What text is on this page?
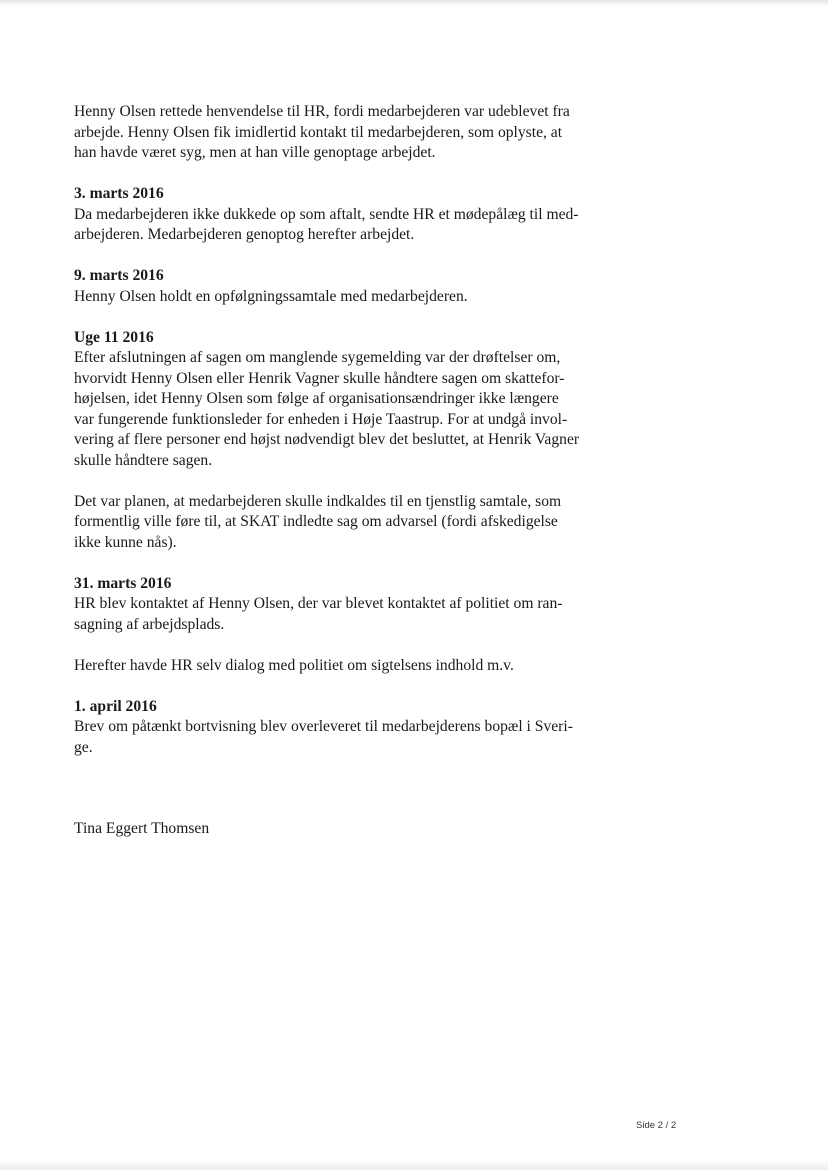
Henny Olsen rettede henvendelse til HR, fordi medarbejderen var udeblevet fra

arbejde. Henny Olsen fik imidlertid kontakt til medarbejderen, som oplyste, at

han havde været syg, men at han ville genoptage arbejdet.

3. marts 2016

Da medarbejderen ikke dukkede op som aftalt, sendte HR et mødepålæg til med-

arbejderen. Medarbejderen genoptog herefter arbejdet.

9. marts 2016

Henny Olsen holdt en opfølgningssamtale med medarbejderen.

Uge 11 2016

Efter afslutningen af sagen om manglende sygemelding var der drøftelser om,

hvorvidt Henny Olsen eller Henrik Vagner skulle håndtere sagen om skattefor-

højelsen, idet Henny Olsen som følge af organisationsændringer ikke længere

var fungerende funktionsleder for enheden i Høje Taastrup. For at undgå invol-

vering af flere personer end højst nødvendigt blev det besluttet, at Henrik Vagner

skulle håndtere sagen.

Det var planen, at medarbejderen skulle indkaldes til en tjenstlig samtale, som

formentlig ville føre til, at SKAT indledte sag om advarsel (fordi afskedigelse

ikke kunne nås).

31. marts 2016

HR blev kontaktet af Henny Olsen, der var blevet kontaktet af politiet om ran-

sagning af arbejdsplads.

Herefter havde HR selv dialog med politiet om sigtelsens indhold m.v.

1. april 2016

Brev om påtænkt bortvisning blev overleveret til medarbejderens bopæl i Sveri-

ge.

Tina Eggert Thomsen

Side 2 / 2
